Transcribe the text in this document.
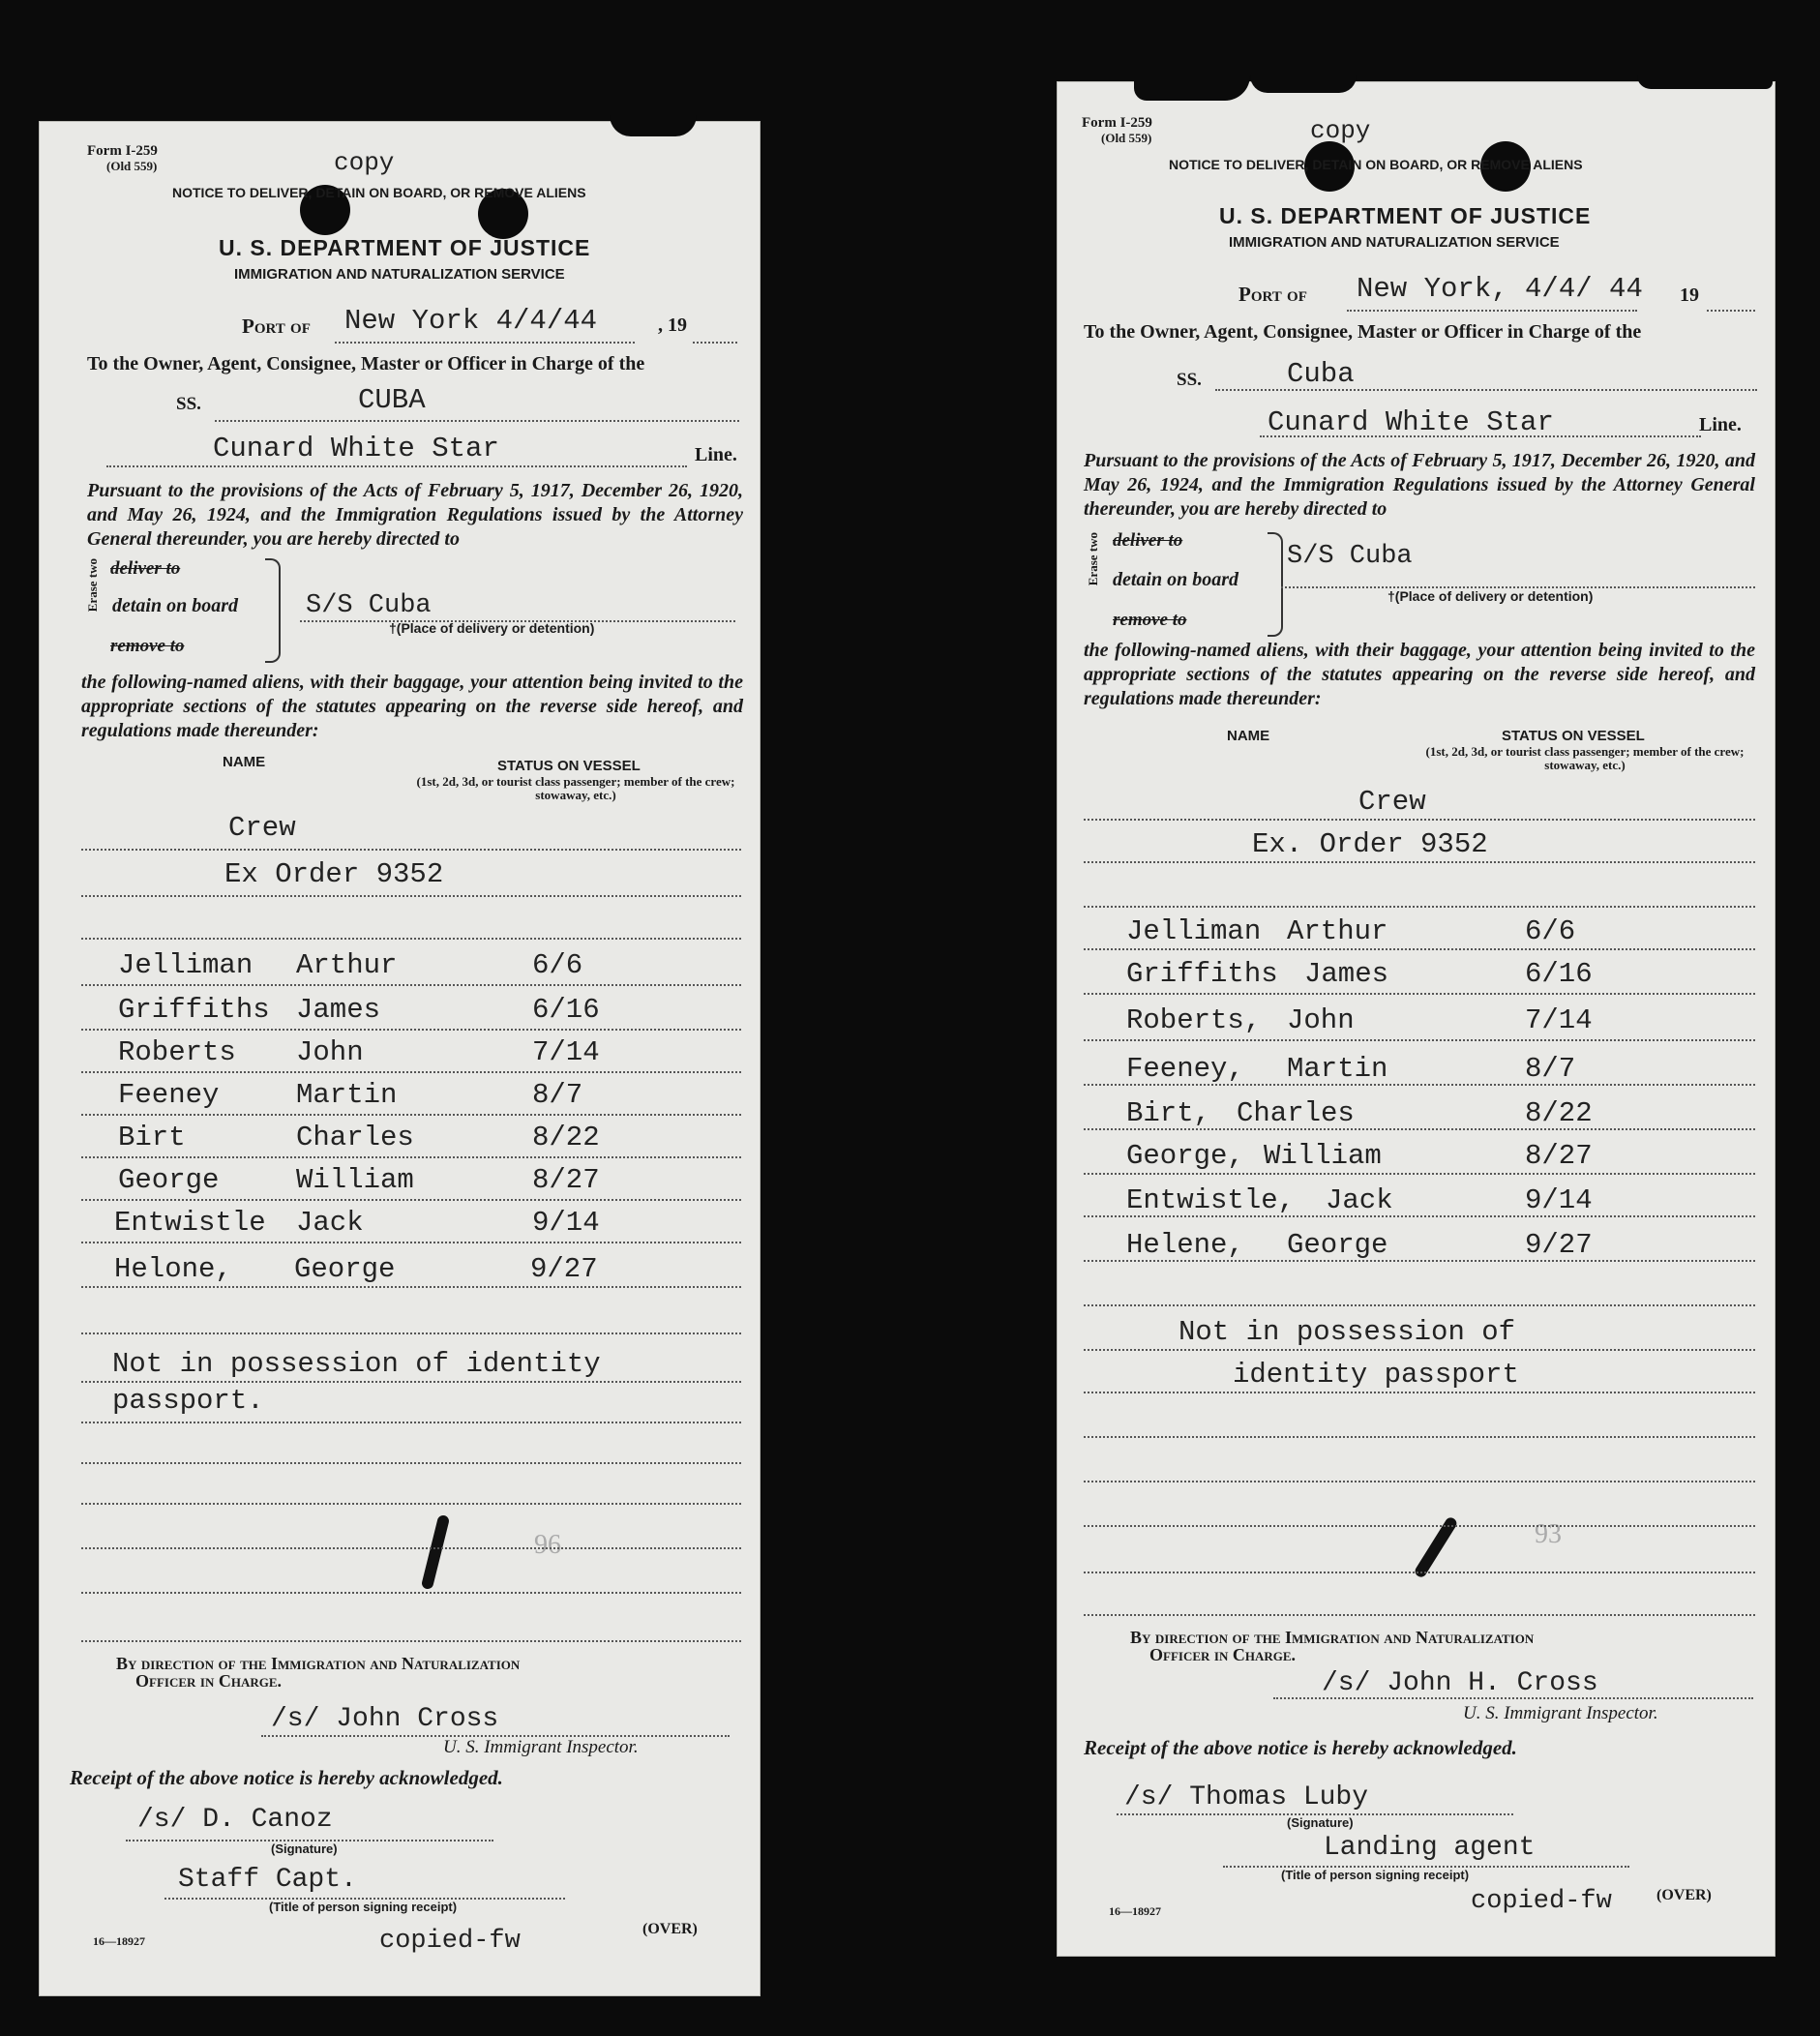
Form I-259
(Old 559)	copy
NOTICE TO DELIVER, DETAIN ON BOARD, OR REMOVE ALIENS
U. S. DEPARTMENT OF JUSTICE
IMMIGRATION AND NATURALIZATION SERVICE
Port of New York 4/4/44	, 19
To the Owner, Agent, Consignee, Master or Officer in Charge of the
SS.	CUBA
Cunard White Star	Line.
Pursuant to the provisions of the Acts of February 5, 1917, December 26, 1920, and May 26, 1924, and the Immigration Regulations issued by the Attorney General thereunder, you are hereby directed to
Erase two deliver to
detain on board
remove to
S/S Cuba
†(Place of delivery or detention)
the following-named aliens, with their baggage, your attention being invited to the appropriate sections of the statutes appearing on the reverse side hereof, and regulations made thereunder:
NAME	STATUS ON VESSEL
(1st, 2d, 3d, or tourist class passenger; member of the crew; stowaway, etc.)
Crew
Ex Order 9352
Jelliman Arthur	6/6
Griffiths James	6/16
Roberts John	7/14
Feeney	Martin	8/7
Birt	Charles	8/22
George	William	8/27
Entwistle Jack	9/14
Helone, George	9/27
Not in possession of identity
passport.
96
By direction of the Immigration and Naturalization
Officer in Charge.
/s/ John Cross
U. S. Immigrant Inspector.
Receipt of the above notice is hereby acknowledged.
/s/ D. Canoz
(Signature)
Staff Capt.
(Title of person signing receipt)
16—18927	copied-fw	(OVER)
Form I-259
(Old 559)	copy
NOTICE TO DELIVER, DETAIN ON BOARD, OR REMOVE ALIENS
U. S. DEPARTMENT OF JUSTICE
IMMIGRATION AND NATURALIZATION SERVICE
Port of New York, 4/4/ 44 19
To the Owner, Agent, Consignee, Master or Officer in Charge of the
SS.	Cuba
Cunard White Star	Line.
Pursuant to the provisions of the Acts of February 5, 1917, December 26, 1920, and May 26, 1924, and the Immigration Regulations issued by the Attorney General thereunder, you are hereby directed to
Erase two deliver to
detain on board
remove to
S/S Cuba
†(Place of delivery or detention)
the following-named aliens, with their baggage, your attention being invited to the appropriate sections of the statutes appearing on the reverse side hereof, and regulations made thereunder:
NAME	STATUS ON VESSEL
(1st, 2d, 3d, or tourist class passenger; member of the crew; stowaway, etc.)
Crew
Ex. Order 9352
Jelliman Arthur	6/6
Griffiths James	6/16
Roberts, John	7/14
Feeney, Martin	8/7
Birt, Charles	8/22
George, William	8/27
Entwistle, Jack	9/14
Helene, George	9/27
Not in possession of
identity passport
93
By direction of the Immigration and Naturalization
Officer in Charge.
/s/ John H. Cross
U. S. Immigrant Inspector.
Receipt of the above notice is hereby acknowledged.
/s/ Thomas Luby
(Signature)
Landing agent
(Title of person signing receipt)
16—18927	copied-fw	(OVER)
